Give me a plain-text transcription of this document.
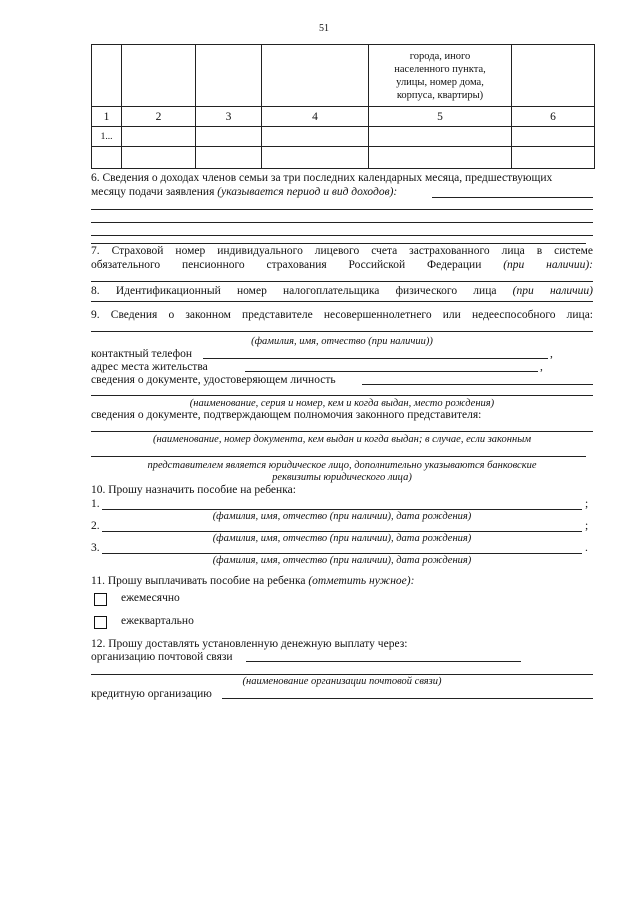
51

				города, иного
населенного пункта,
улицы, номер дома,
корпуса, квартиры)	

1	2	3	4	5	6
1...					

6. Сведения о доходах членов семьи за три последних календарных месяца, предшествующих
месяцу подачи заявления (указывается период и вид доходов):
7. Страховой номер индивидуального лицевого счета застрахованного лица в системе
обязательного пенсионного страхования Российской Федерации (при наличии):
8. Идентификационный номер налогоплательщика физического лица (при наличии)
9. Сведения о законном представителе несовершеннолетнего или недееспособного лица:
(фамилия, имя, отчество (при наличии))
контактный телефон	,
адрес места жительства	,
сведения о документе, удостоверяющем личность
(наименование, серия и номер, кем и когда выдан, место рождения)
сведения о документе, подтверждающем полномочия законного представителя:
(наименование, номер документа, кем выдан и когда выдан; в случае, если законным
представителем является юридическое лицо, дополнительно указываются банковские
реквизиты юридического лица)
10. Прошу назначить пособие на ребенка:
1.	;
(фамилия, имя, отчество (при наличии), дата рождения)
2.	;
(фамилия, имя, отчество (при наличии), дата рождения)
3.	.
(фамилия, имя, отчество (при наличии), дата рождения)
11. Прошу выплачивать пособие на ребенка (отметить нужное):
ежемесячно
ежеквартально
12. Прошу доставлять установленную денежную выплату через:
организацию почтовой связи
(наименование организации почтовой связи)
кредитную организацию
